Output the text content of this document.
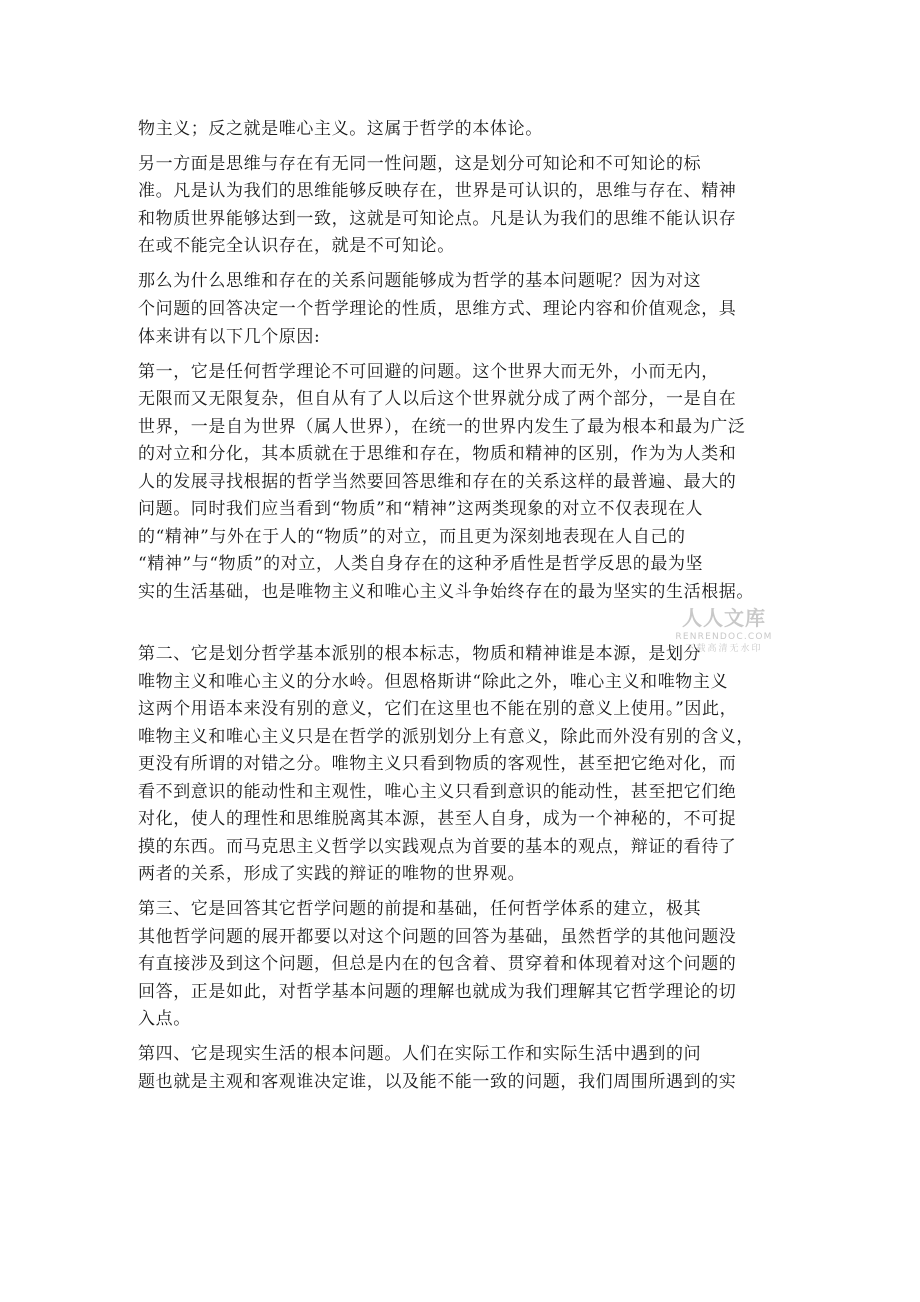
物主义；反之就是唯心主义。这属于哲学的本体论。
另一方面是思维与存在有无同一性问题，这是划分可知论和不可知论的标
准。凡是认为我们的思维能够反映存在，世界是可认识的，思维与存在、精神
和物质世界能够达到一致，这就是可知论点。凡是认为我们的思维不能认识存
在或不能完全认识存在，就是不可知论。
那么为什么思维和存在的关系问题能够成为哲学的基本问题呢？因为对这
个问题的回答决定一个哲学理论的性质，思维方式、理论内容和价值观念，具
体来讲有以下几个原因:
第一，它是任何哲学理论不可回避的问题。这个世界大而无外，小而无内，
无限而又无限复杂，但自从有了人以后这个世界就分成了两个部分，一是自在
世界，一是自为世界（属人世界），在统一的世界内发生了最为根本和最为广泛
的对立和分化，其本质就在于思维和存在，物质和精神的区别，作为为人类和
人的发展寻找根据的哲学当然要回答思维和存在的关系这样的最普遍、最大的
问题。同时我们应当看到“物质”和“精神”这两类现象的对立不仅表现在人
的“精神”与外在于人的“物质”的对立，而且更为深刻地表现在人自己的
“精神”与“物质”的对立，人类自身存在的这种矛盾性是哲学反思的最为坚
实的生活基础，也是唯物主义和唯心主义斗争始终存在的最为坚实的生活根据。
第二、它是划分哲学基本派别的根本标志，物质和精神谁是本源，是划分
唯物主义和唯心主义的分水岭。但恩格斯讲“除此之外，唯心主义和唯物主义
这两个用语本来没有别的意义，它们在这里也不能在别的意义上使用。”因此，
唯物主义和唯心主义只是在哲学的派别划分上有意义，除此而外没有别的含义，
更没有所谓的对错之分。唯物主义只看到物质的客观性，甚至把它绝对化，而
看不到意识的能动性和主观性，唯心主义只看到意识的能动性，甚至把它们绝
对化，使人的理性和思维脱离其本源，甚至人自身，成为一个神秘的，不可捉
摸的东西。而马克思主义哲学以实践观点为首要的基本的观点，辩证的看待了
两者的关系，形成了实践的辩证的唯物的世界观。
第三、它是回答其它哲学问题的前提和基础，任何哲学体系的建立，极其
其他哲学问题的展开都要以对这个问题的回答为基础，虽然哲学的其他问题没
有直接涉及到这个问题，但总是内在的包含着、贯穿着和体现着对这个问题的
回答，正是如此，对哲学基本问题的理解也就成为我们理解其它哲学理论的切
入点。
第四、它是现实生活的根本问题。人们在实际工作和实际生活中遇到的问
题也就是主观和客观谁决定谁，以及能不能一致的问题，我们周围所遇到的实
人人文库
RENRENDOC.COM
下载高清无水印
